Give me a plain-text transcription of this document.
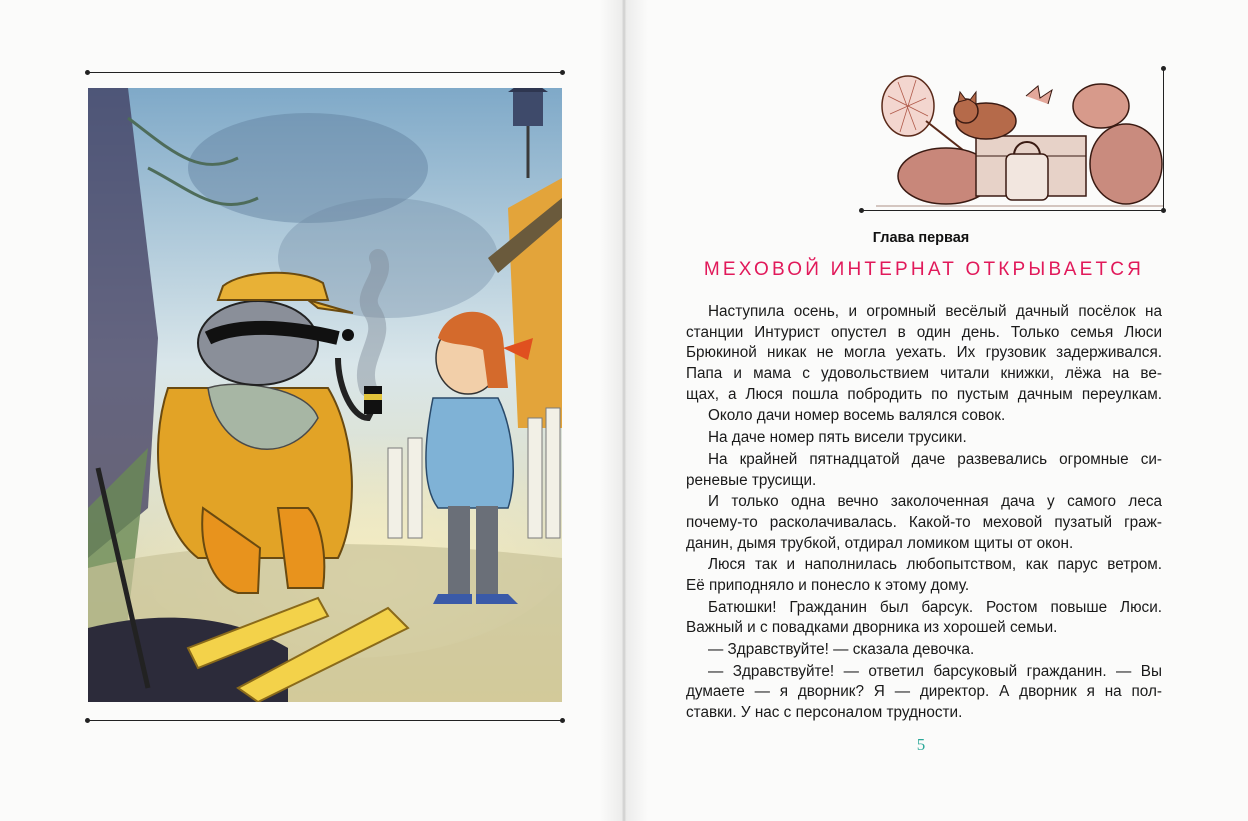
Глава первая
МЕХОВОЙ ИНТЕРНАТ ОТКРЫВАЕТСЯ
Наступила осень, и огромный весёлый дачный посёлок на
станции Интурист опустел в один день. Только семья Люси
Брюкиной никак не могла уехать. Их грузовик задерживался.
Папа и мама с удовольствием читали книжки, лёжа на ве-
щах, а Люся пошла побродить по пустым дачным переулкам.
Около дачи номер восемь валялся совок.
На даче номер пять висели трусики.
На крайней пятнадцатой даче развевались огромные си-
реневые трусищи.
И только одна вечно заколоченная дача у самого леса
почему-то расколачивалась. Какой-то меховой пузатый граж-
данин, дымя трубкой, отдирал ломиком щиты от окон.
Люся так и наполнилась любопытством, как парус ветром.
Её приподняло и понесло к этому дому.
Батюшки! Гражданин был барсук. Ростом повыше Люси.
Важный и с повадками дворника из хорошей семьи.
— Здравствуйте! — сказала девочка.
— Здравствуйте! — ответил барсуковый гражданин. — Вы
думаете — я дворник? Я — директор. А дворник я на пол-
ставки. У нас с персоналом трудности.
5
